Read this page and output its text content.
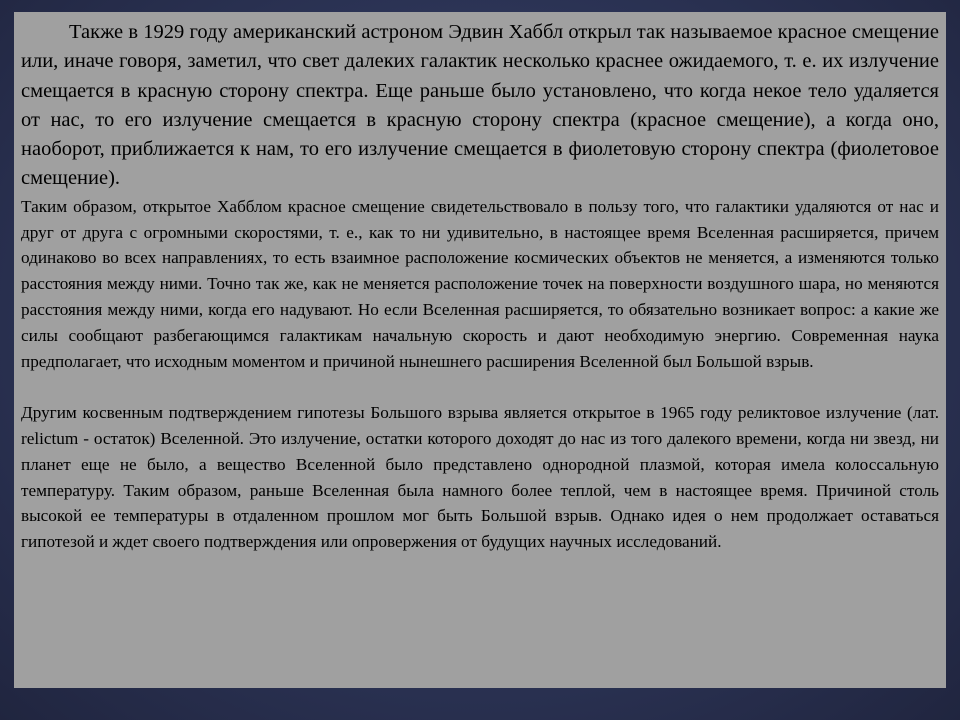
Также в 1929 году американский астроном Эдвин Хаббл открыл так называемое красное смещение или, иначе говоря, заметил, что свет далеких галактик несколько краснее ожидаемого, т. е. их излучение смещается в красную сторону спектра. Еще раньше было установлено, что когда некое тело удаляется от нас, то его излучение смещается в красную сторону спектра (красное смещение), а когда оно, наоборот, приближается к нам, то его излучение смещается в фиолетовую сторону спектра (фиолетовое смещение).

Таким образом, открытое Хабблом красное смещение свидетельствовало в пользу того, что галактики удаляются от нас и друг от друга с огромными скоростями, т. е., как то ни удивительно, в настоящее время Вселенная расширяется, причем одинаково во всех направлениях, то есть взаимное расположение космических объектов не меняется, а изменяются только расстояния между ними. Точно так же, как не меняется расположение точек на поверхности воздушного шара, но меняются расстояния между ними, когда его надувают. Но если Вселенная расширяется, то обязательно возникает вопрос: а какие же силы сообщают разбегающимся галактикам начальную скорость и дают необходимую энергию. Современная наука предполагает, что исходным моментом и причиной нынешнего расширения Вселенной был Большой взрыв.

Другим косвенным подтверждением гипотезы Большого взрыва является открытое в 1965 году реликтовое излучение (лат. relictum - остаток) Вселенной. Это излучение, остатки которого доходят до нас из того далекого времени, когда ни звезд, ни планет еще не было, а вещество Вселенной было представлено однородной плазмой, которая имела колоссальную температуру. Таким образом, раньше Вселенная была намного более теплой, чем в настоящее время. Причиной столь высокой ее температуры в отдаленном прошлом мог быть Большой взрыв. Однако идея о нем продолжает оставаться гипотезой и ждет своего подтверждения или опровержения от будущих научных исследований.
